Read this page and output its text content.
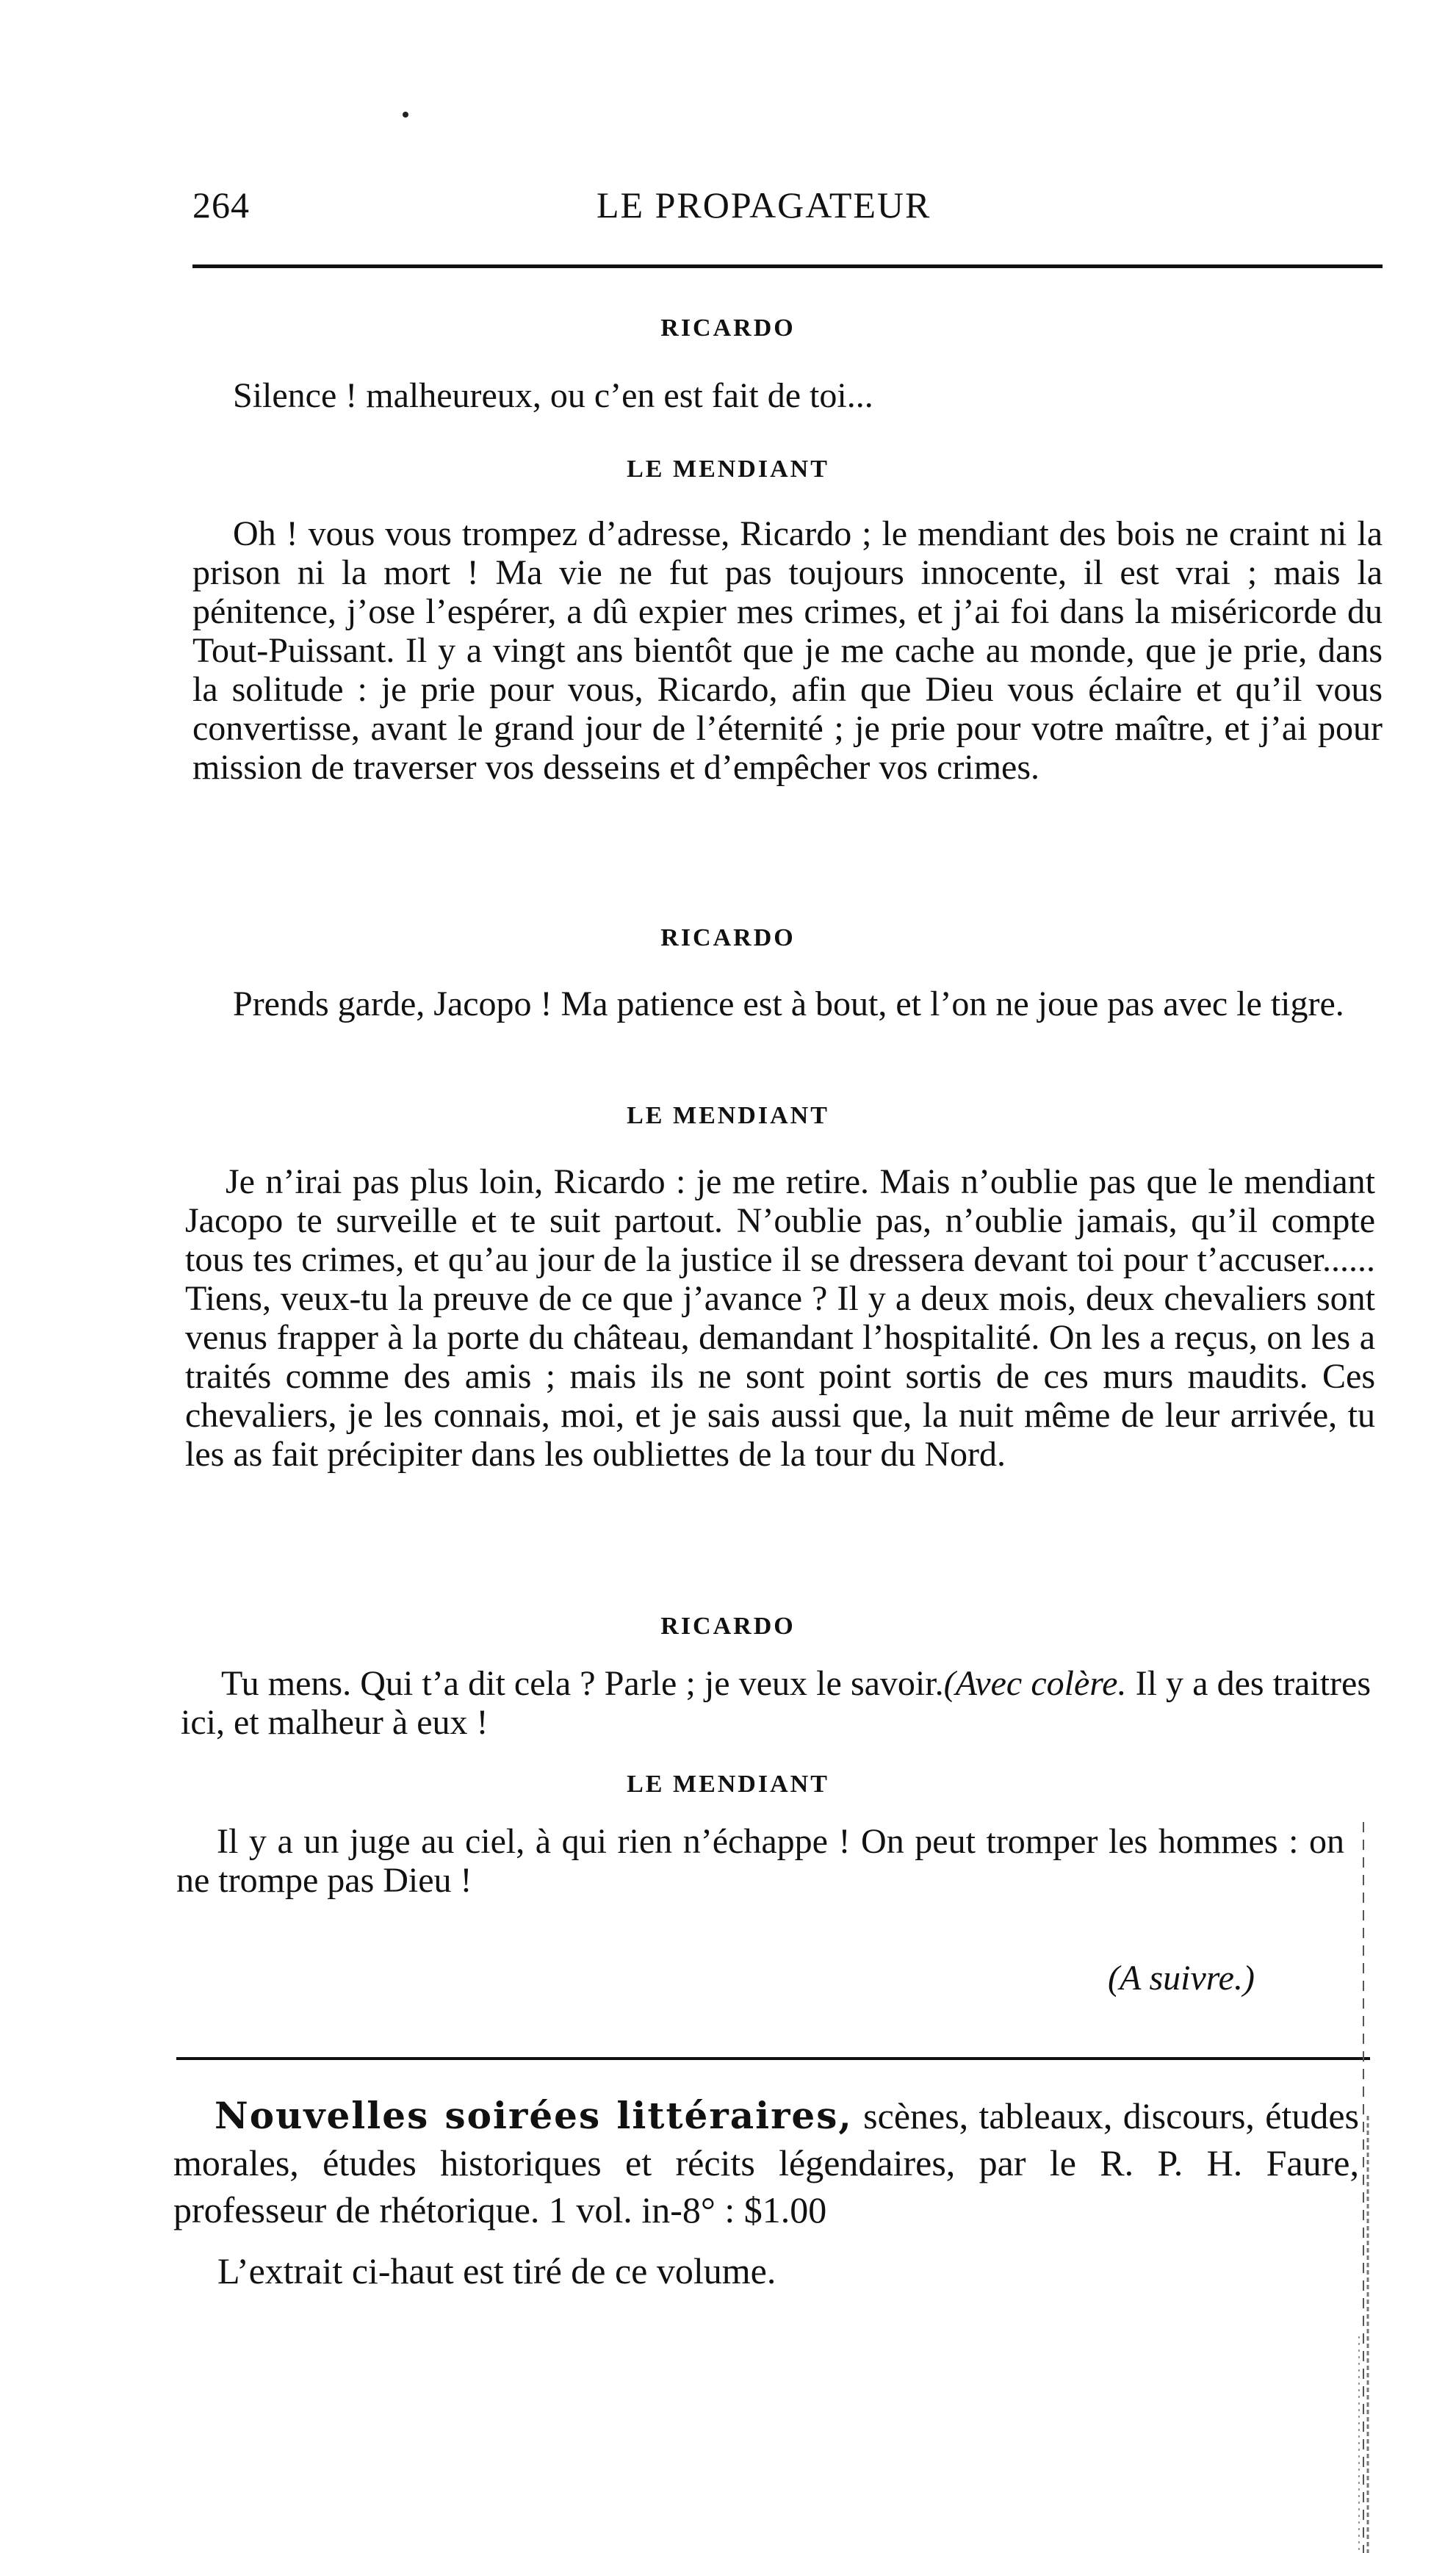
264	LE PROPAGATEUR
RICARDO

Silence ! malheureux, ou c’en est fait de toi...

LE MENDIANT

Oh ! vous vous trompez d’adresse, Ricardo ; le mendiant des bois ne craint ni la prison ni la mort ! Ma vie ne fut pas toujours innocente, il est vrai ; mais la pénitence, j’ose l’espérer, a dû expier mes crimes, et j’ai foi dans la miséricorde du Tout-Puissant. Il y a vingt ans bientôt que je me cache au monde, que je prie, dans la solitude : je prie pour vous, Ricardo, afin que Dieu vous éclaire et qu’il vous convertisse, avant le grand jour de l’éternité ; je prie pour votre maître, et j’ai pour mission de traverser vos desseins et d’empêcher vos crimes.

RICARDO

Prends garde, Jacopo ! Ma patience est à bout, et l’on ne joue pas avec le tigre.

LE MENDIANT

Je n’irai pas plus loin, Ricardo : je me retire. Mais n’oublie pas que le mendiant Jacopo te surveille et te suit partout. N’oublie pas, n’oublie jamais, qu’il compte tous tes crimes, et qu’au jour de la justice il se dressera devant toi pour t’accuser...... Tiens, veux-tu la preuve de ce que j’avance ? Il y a deux mois, deux chevaliers sont venus frapper à la porte du château, demandant l’hospitalité. On les a reçus, on les a traités comme des amis ; mais ils ne sont point sortis de ces murs maudits. Ces chevaliers, je les connais, moi, et je sais aussi que, la nuit même de leur arrivée, tu les as fait précipiter dans les oubliettes de la tour du Nord.

RICARDO

Tu mens. Qui t’a dit cela ? Parle ; je veux le savoir.(Avec colère. Il y a des traitres ici, et malheur à eux !

LE MENDIANT

Il y a un juge au ciel, à qui rien n’échappe ! On peut tromper les hommes : on ne trompe pas Dieu !

(A suivre.)

Nouvelles soirées littéraires, scènes, tableaux, discours, études morales, études historiques et récits légendaires, par le R. P. H. Faure, professeur de rhétorique. 1 vol. in-8° : $1.00

L’extrait ci-haut est tiré de ce volume.
